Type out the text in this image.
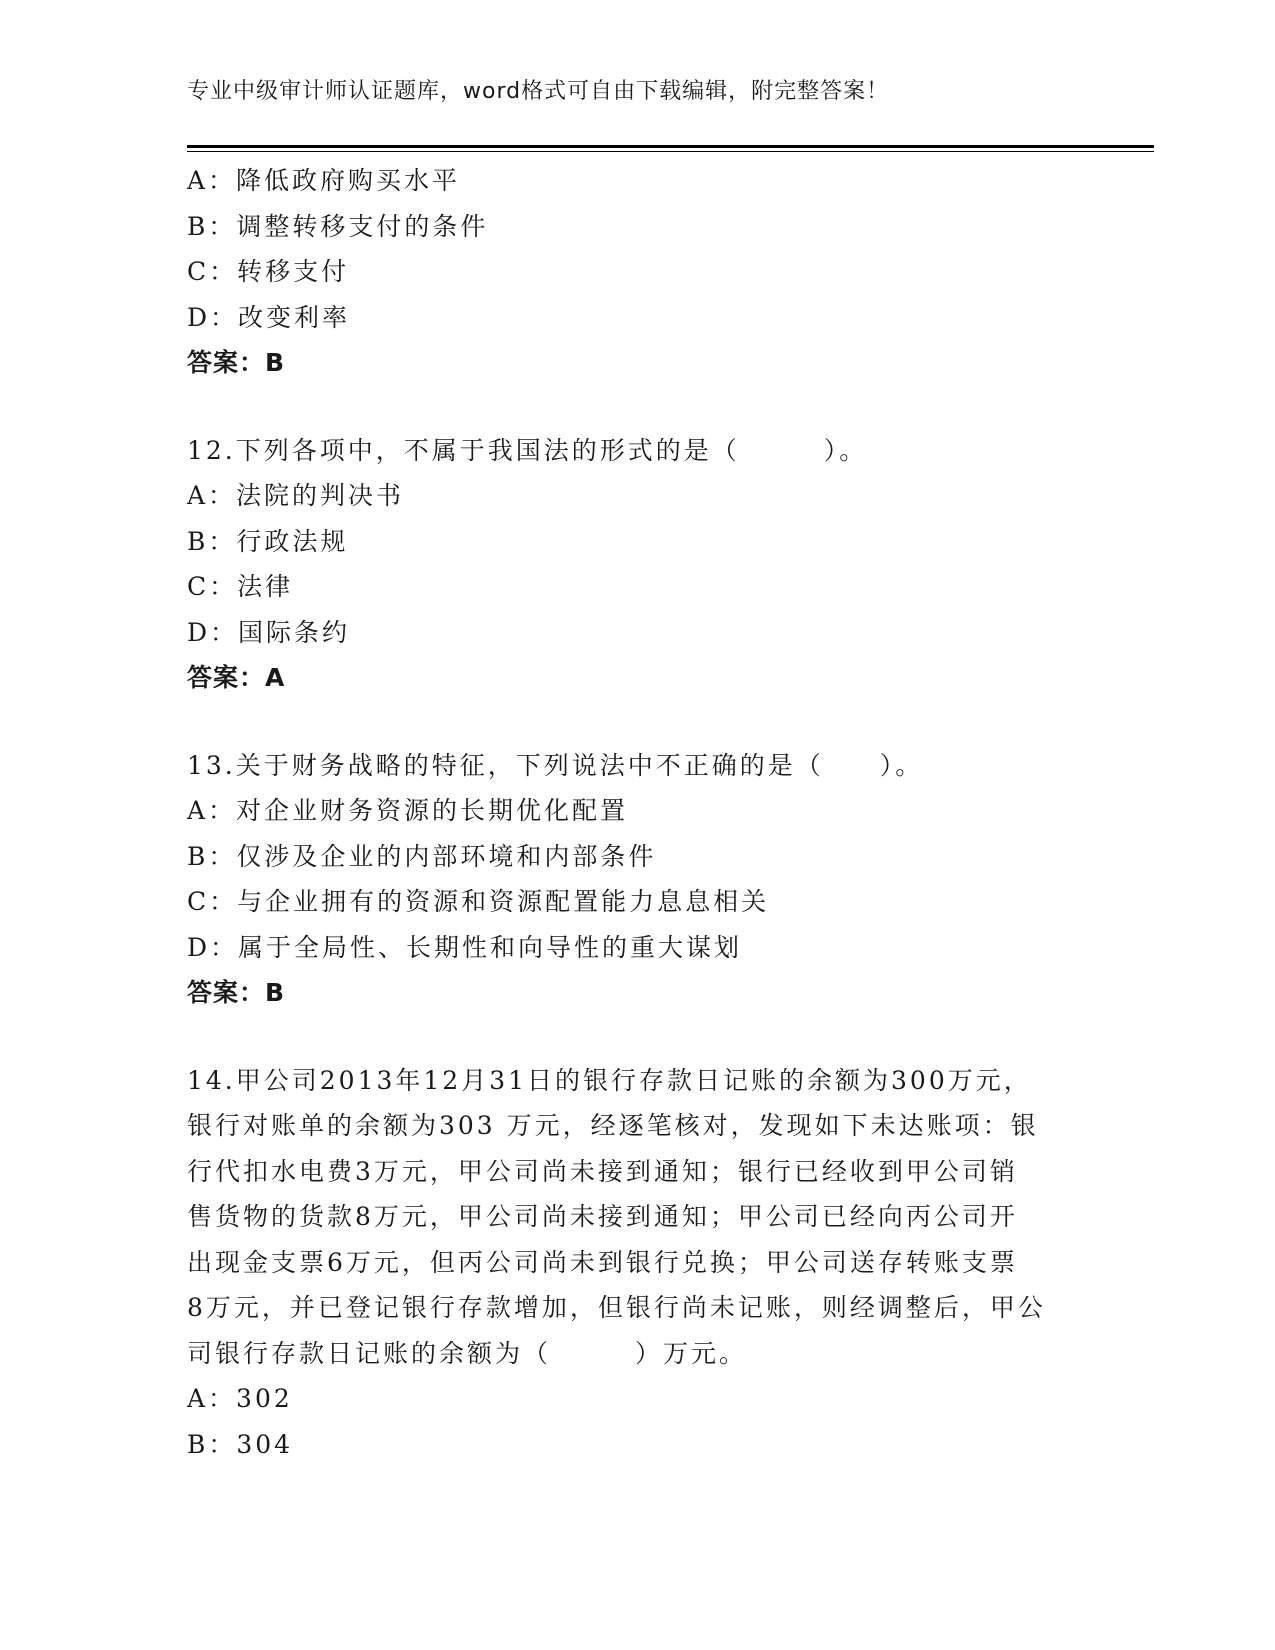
专业中级审计师认证题库，word格式可自由下载编辑，附完整答案！
A：降低政府购买水平
B：调整转移支付的条件
C：转移支付
D：改变利率
答案：B
12.下列各项中，不属于我国法的形式的是（　　　）。
A：法院的判决书
B：行政法规
C：法律
D：国际条约
答案：A
13.关于财务战略的特征，下列说法中不正确的是（　　）。
A：对企业财务资源的长期优化配置
B：仅涉及企业的内部环境和内部条件
C：与企业拥有的资源和资源配置能力息息相关
D：属于全局性、长期性和向导性的重大谋划
答案：B
14.甲公司2013年12月31日的银行存款日记账的余额为300万元，
银行对账单的余额为303 万元，经逐笔核对，发现如下未达账项：银
行代扣水电费3万元，甲公司尚未接到通知；银行已经收到甲公司销
售货物的货款8万元，甲公司尚未接到通知；甲公司已经向丙公司开
出现金支票6万元，但丙公司尚未到银行兑换；甲公司送存转账支票
8万元，并已登记银行存款增加，但银行尚未记账，则经调整后，甲公
司银行存款日记账的余额为（　　　）万元。
A：302
B：304
